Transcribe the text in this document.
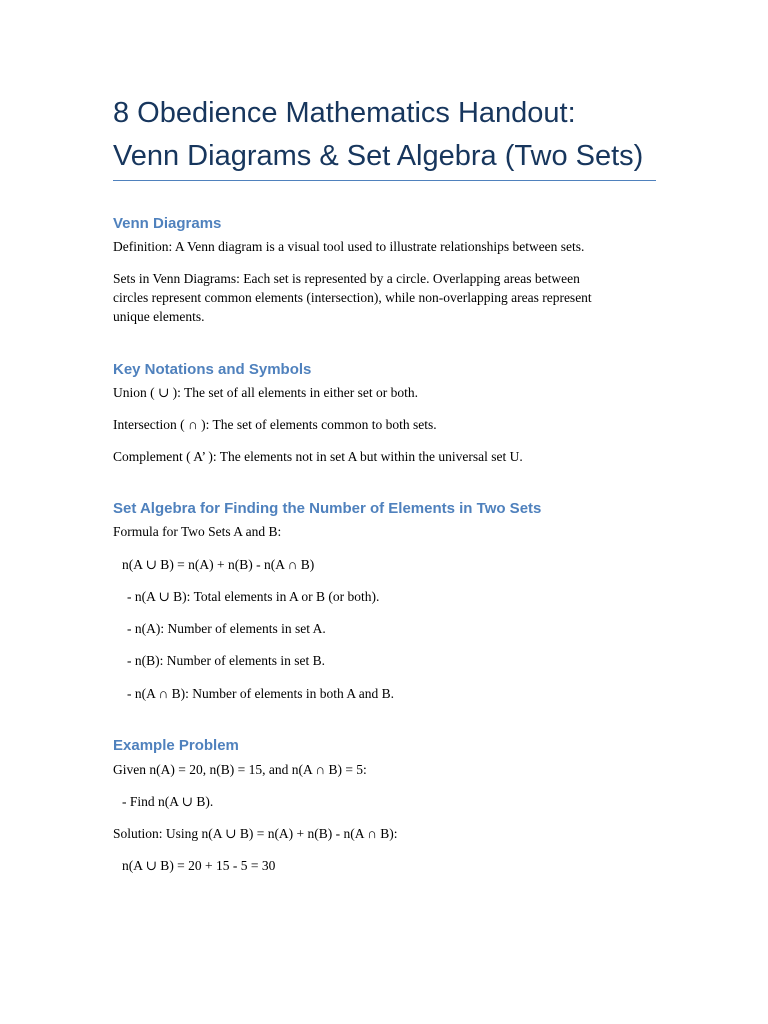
8 Obedience Mathematics Handout:
Venn Diagrams & Set Algebra (Two Sets)
Venn Diagrams

Definition: A Venn diagram is a visual tool used to illustrate relationships between sets.

Sets in Venn Diagrams: Each set is represented by a circle. Overlapping areas between

circles represent common elements (intersection), while non-overlapping areas represent

unique elements.

Key Notations and Symbols

Union ( ∪ ): The set of all elements in either set or both.

Intersection ( ∩ ): The set of elements common to both sets.

Complement ( A’ ): The elements not in set A but within the universal set U.

Set Algebra for Finding the Number of Elements in Two Sets

Formula for Two Sets A and B:

n(A ∪ B) = n(A) + n(B) - n(A ∩ B)

- n(A ∪ B): Total elements in A or B (or both).

- n(A): Number of elements in set A.

- n(B): Number of elements in set B.

- n(A ∩ B): Number of elements in both A and B.

Example Problem

Given n(A) = 20, n(B) = 15, and n(A ∩ B) = 5:

- Find n(A ∪ B).

Solution: Using n(A ∪ B) = n(A) + n(B) - n(A ∩ B):

n(A ∪ B) = 20 + 15 - 5 = 30
